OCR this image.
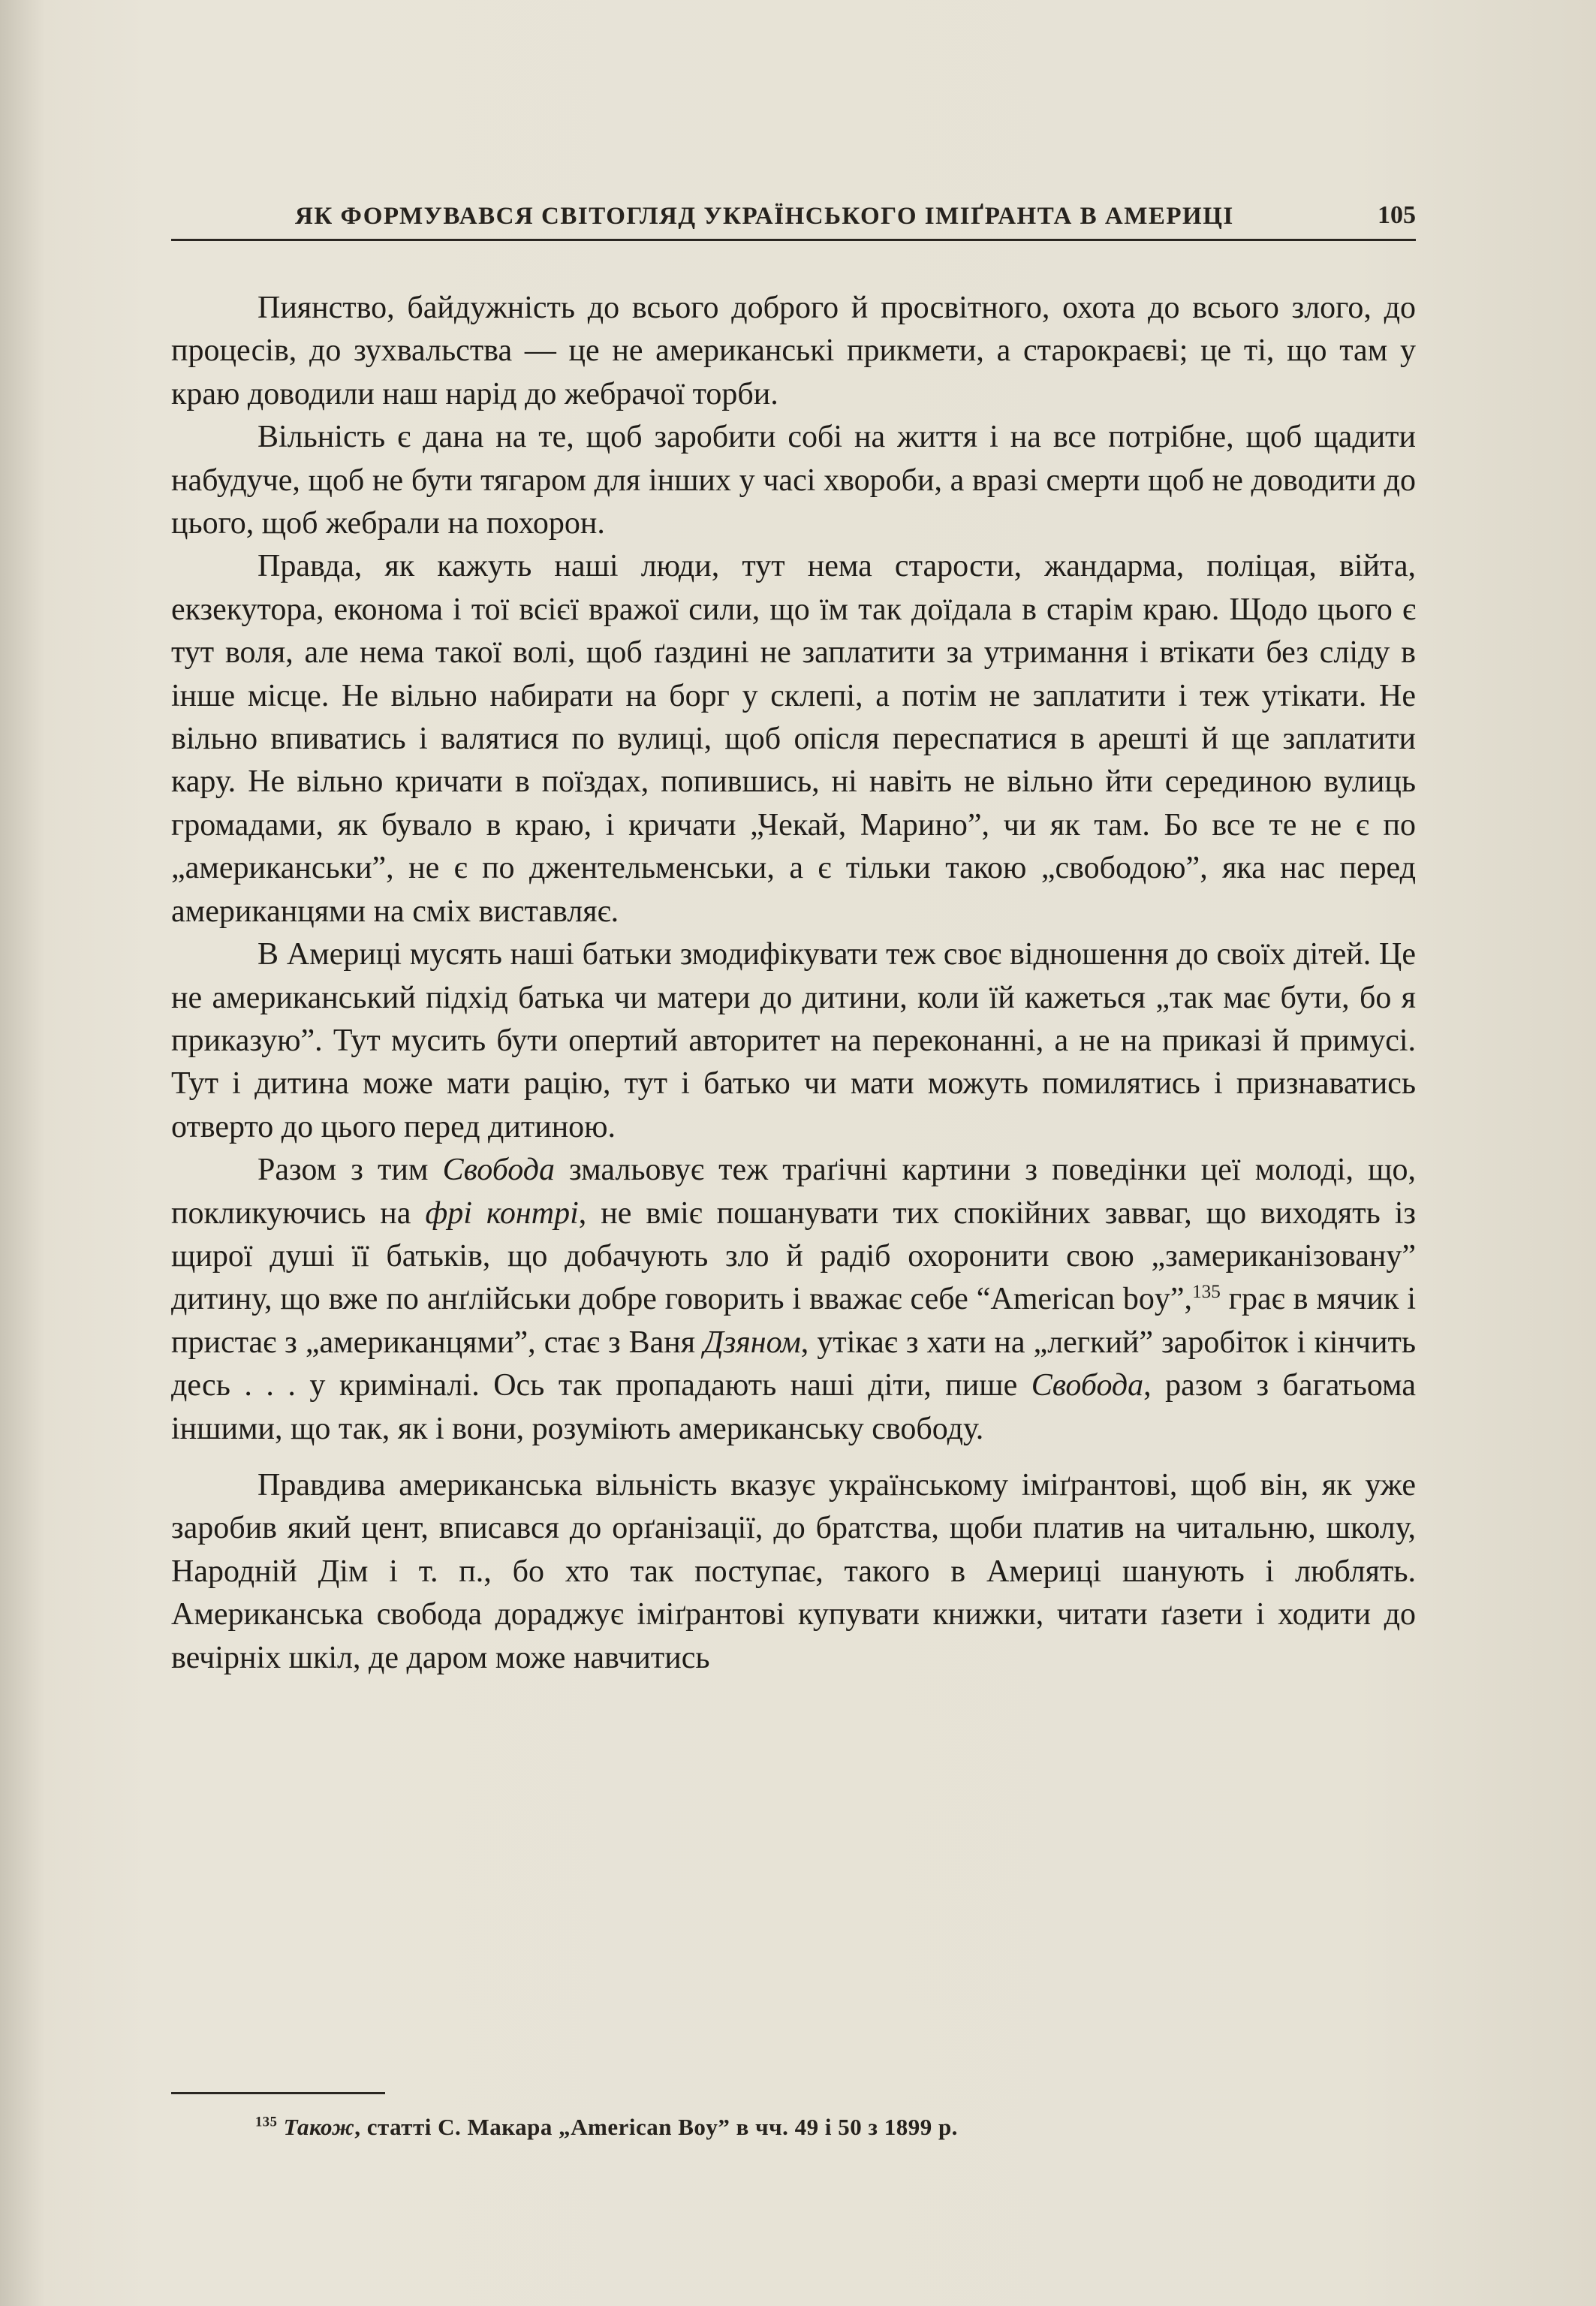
ЯК ФОРМУВАВСЯ СВІТОГЛЯД УКРАЇНСЬКОГО ІМІҐРАНТА В АМЕРИЦІ	105

Пиянство, байдужність до всього доброго й просвітного, охота до всього злого, до процесів, до зухвальства — це не американські прикмети, а старокраєві; це ті, що там у краю доводили наш нарід до жебрачої торби.

Вільність є дана на те, щоб заробити собі на життя і на все потрібне, щоб щадити набудуче, щоб не бути тягаром для інших у часі хвороби, а вразі смерти щоб не доводити до цього, щоб жебрали на похорон.

Правда, як кажуть наші люди, тут нема старости, жандарма, поліцая, війта, екзекутора, економа і тої всієї вражої сили, що їм так доїдала в старім краю. Щодо цього є тут воля, але нема такої волі, щоб ґаздині не заплатити за утримання і втікати без сліду в інше місце. Не вільно набирати на борг у склепі, а потім не заплатити і теж утікати. Не вільно впиватись і валятися по вулиці, щоб опісля переспатися в арешті й ще заплатити кару. Не вільно кричати в поїздах, попившись, ні навіть не вільно йти серединою вулиць громадами, як бувало в краю, і кричати „Чекай, Марино”, чи як там. Бо все те не є по „американськи”, не є по джентельменськи, а є тільки такою „свободою”, яка нас перед американцями на сміх виставляє.

В Америці мусять наші батьки змодифікувати теж своє відношення до своїх дітей. Це не американський підхід батька чи матери до дитини, коли їй кажеться „так має бути, бо я приказую”. Тут мусить бути опертий авторитет на переконанні, а не на приказі й примусі. Тут і дитина може мати рацію, тут і батько чи мати можуть помилятись і признаватись отверто до цього перед дитиною.

Разом з тим Свобода змальовує теж траґічні картини з поведінки цеї молоді, що, покликуючись на фрі контрі, не вміє пошанувати тих спокійних завваг, що виходять із щирої душі її батьків, що добачують зло й радіб охоронити свою „замериканізовану” дитину, що вже по анґлійськи добре говорить і вважає себе “American boy”,$^{135}$ грає в мячик і пристає з „американцями”, стає з Ваня Дзяном, утікає з хати на „легкий” заробіток і кінчить десь . . . у криміналі. Ось так пропадають наші діти, пише Свобода, разом з багатьома іншими, що так, як і вони, розуміють американську свободу.

Правдива американська вільність вказує українському іміґрантові, щоб він, як уже заробив який цент, вписався до орґанізації, до братства, щоби платив на читальню, школу, Народній Дім і т. п., бо хто так поступає, такого в Америці шанують і люблять. Американська свобода дораджує іміґрантові купувати книжки, читати ґазети і ходити до вечірніх шкіл, де даром може навчитись

$^{135}$ Також, статті С. Макара „American Boy” в чч. 49 і 50 з 1899 р.
